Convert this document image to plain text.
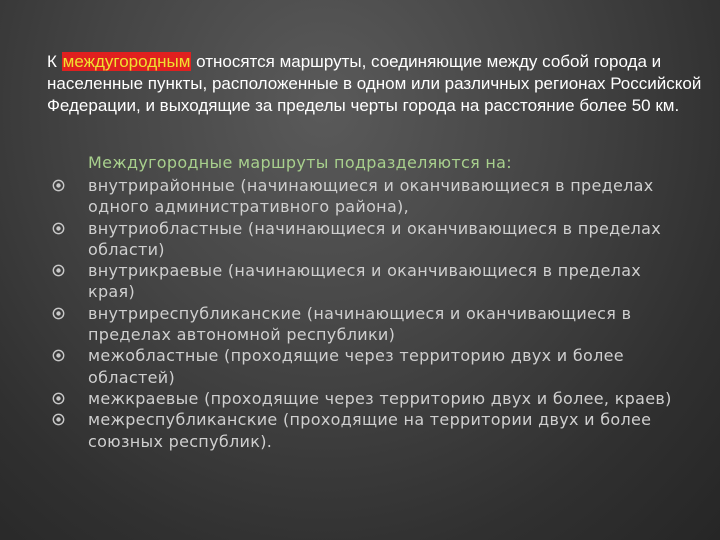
К междугородным относятся маршруты, соединяющие между собой города и населенные пункты, расположенные в одном или различных регионах Российской Федерации, и выходящие за пределы черты города на расстояние более 50 км.
Междугородные маршруты подразделяются на:
внутрирайонные (начинающиеся и оканчивающиеся в пределах одного административного района),
внутриобластные (начинающиеся и оканчивающиеся в пределах области)
внутрикраевые (начинающиеся и оканчивающиеся в пределах края)
внутриреспубликанские (начинающиеся и оканчивающиеся в пределах автономной республики)
межобластные (проходящие через территорию двух и более областей)
межкраевые (проходящие через территорию двух и более, краев)
межреспубликанские (проходящие на территории двух и более союзных республик).
